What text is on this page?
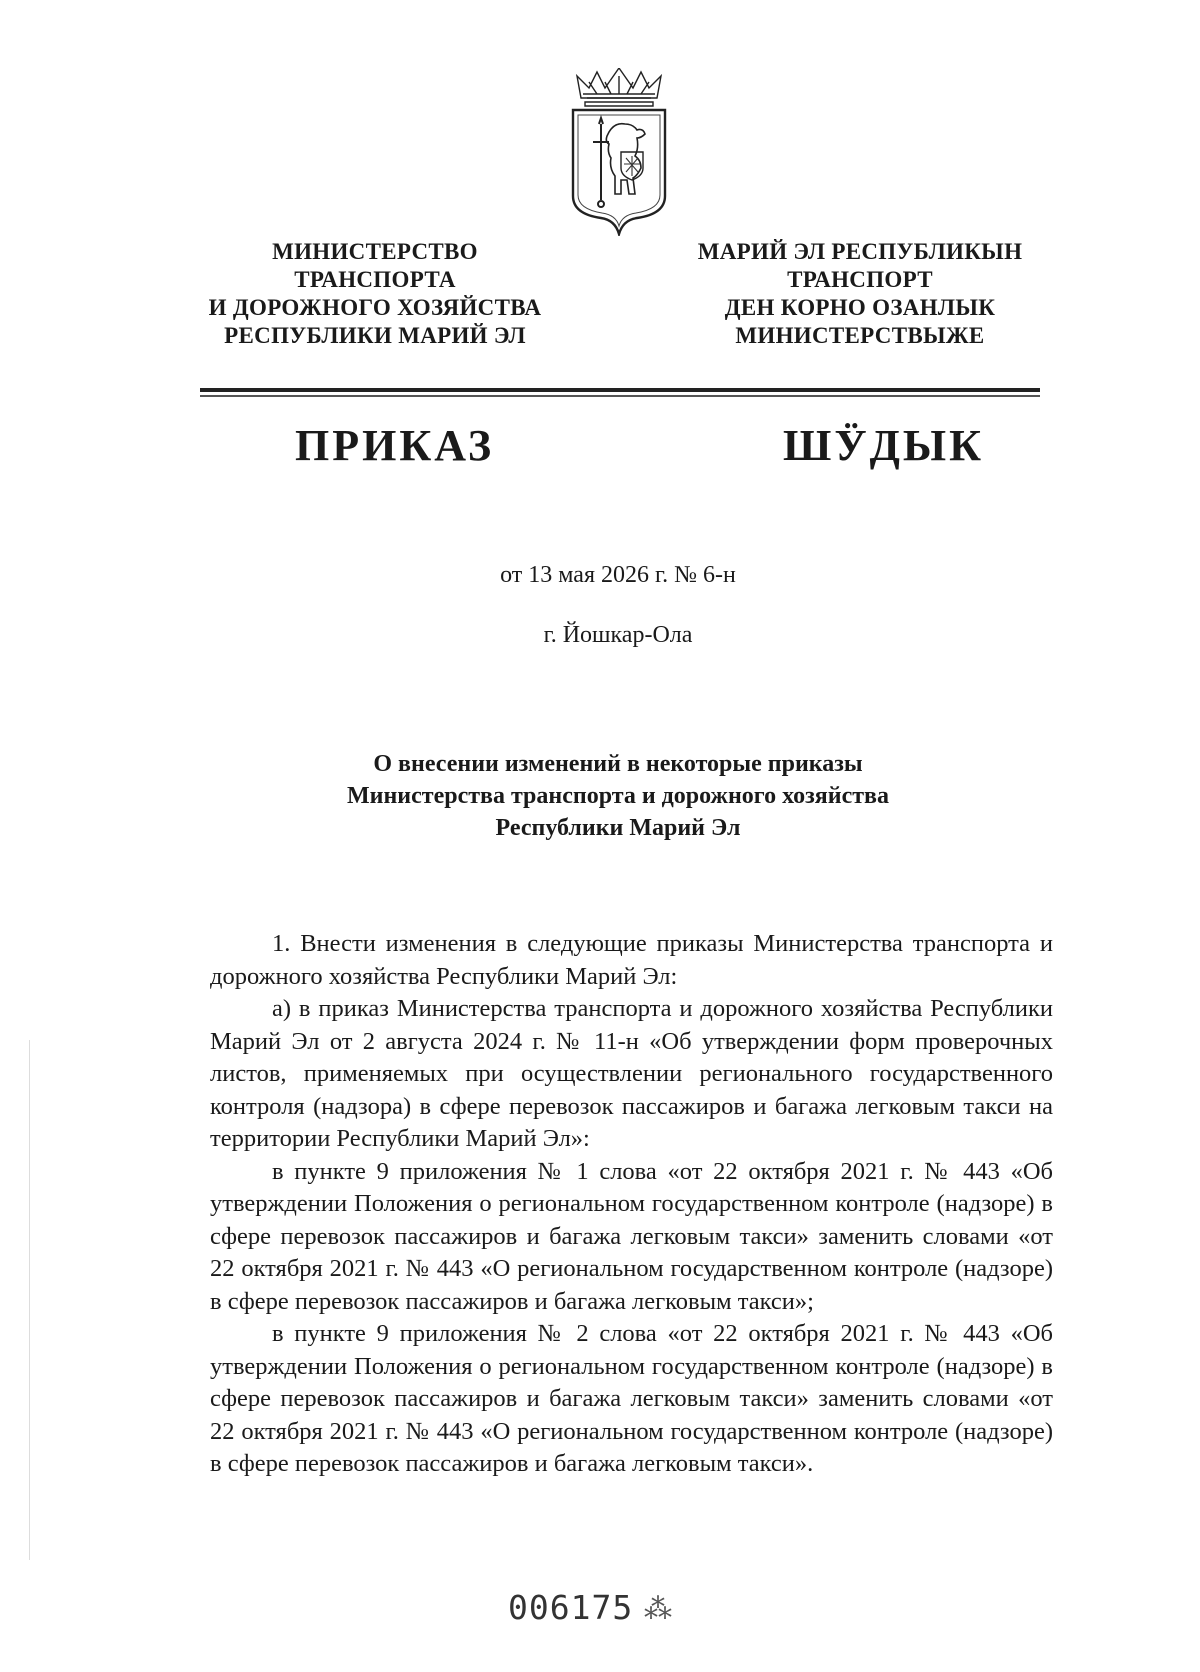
МИНИСТЕРСТВО
ТРАНСПОРТА
И ДОРОЖНОГО ХОЗЯЙСТВА
РЕСПУБЛИКИ МАРИЙ ЭЛ
МАРИЙ ЭЛ РЕСПУБЛИКЫН
ТРАНСПОРТ
ДЕН КОРНО ОЗАНЛЫК
МИНИСТЕРСТВЫЖЕ
ПРИКАЗ	ШӰДЫК
от 13 мая 2026 г. № 6-н
г. Йошкар-Ола
О внесении изменений в некоторые приказы
Министерства транспорта и дорожного хозяйства
Республики Марий Эл

1. Внести изменения в следующие приказы Министерства транспорта и дорожного хозяйства Республики Марий Эл:

а) в приказ Министерства транспорта и дорожного хозяйства Республики Марий Эл от 2 августа 2024 г. № 11-н «Об утверждении форм проверочных листов, применяемых при осуществлении регионального государственного контроля (надзора) в сфере перевозок пассажиров и багажа легковым такси на территории Республики Марий Эл»:

в пункте 9 приложения № 1 слова «от 22 октября 2021 г. № 443 «Об утверждении Положения о региональном государственном контроле (надзоре) в сфере перевозок пассажиров и багажа легковым такси» заменить словами «от 22 октября 2021 г. № 443 «О региональном государственном контроле (надзоре) в сфере перевозок пассажиров и багажа легковым такси»;

в пункте 9 приложения № 2 слова «от 22 октября 2021 г. № 443 «Об утверждении Положения о региональном государственном контроле (надзоре) в сфере перевозок пассажиров и багажа легковым такси» заменить словами «от 22 октября 2021 г. № 443 «О региональном государственном контроле (надзоре) в сфере перевозок пассажиров и багажа легковым такси».

006175 ⁂
